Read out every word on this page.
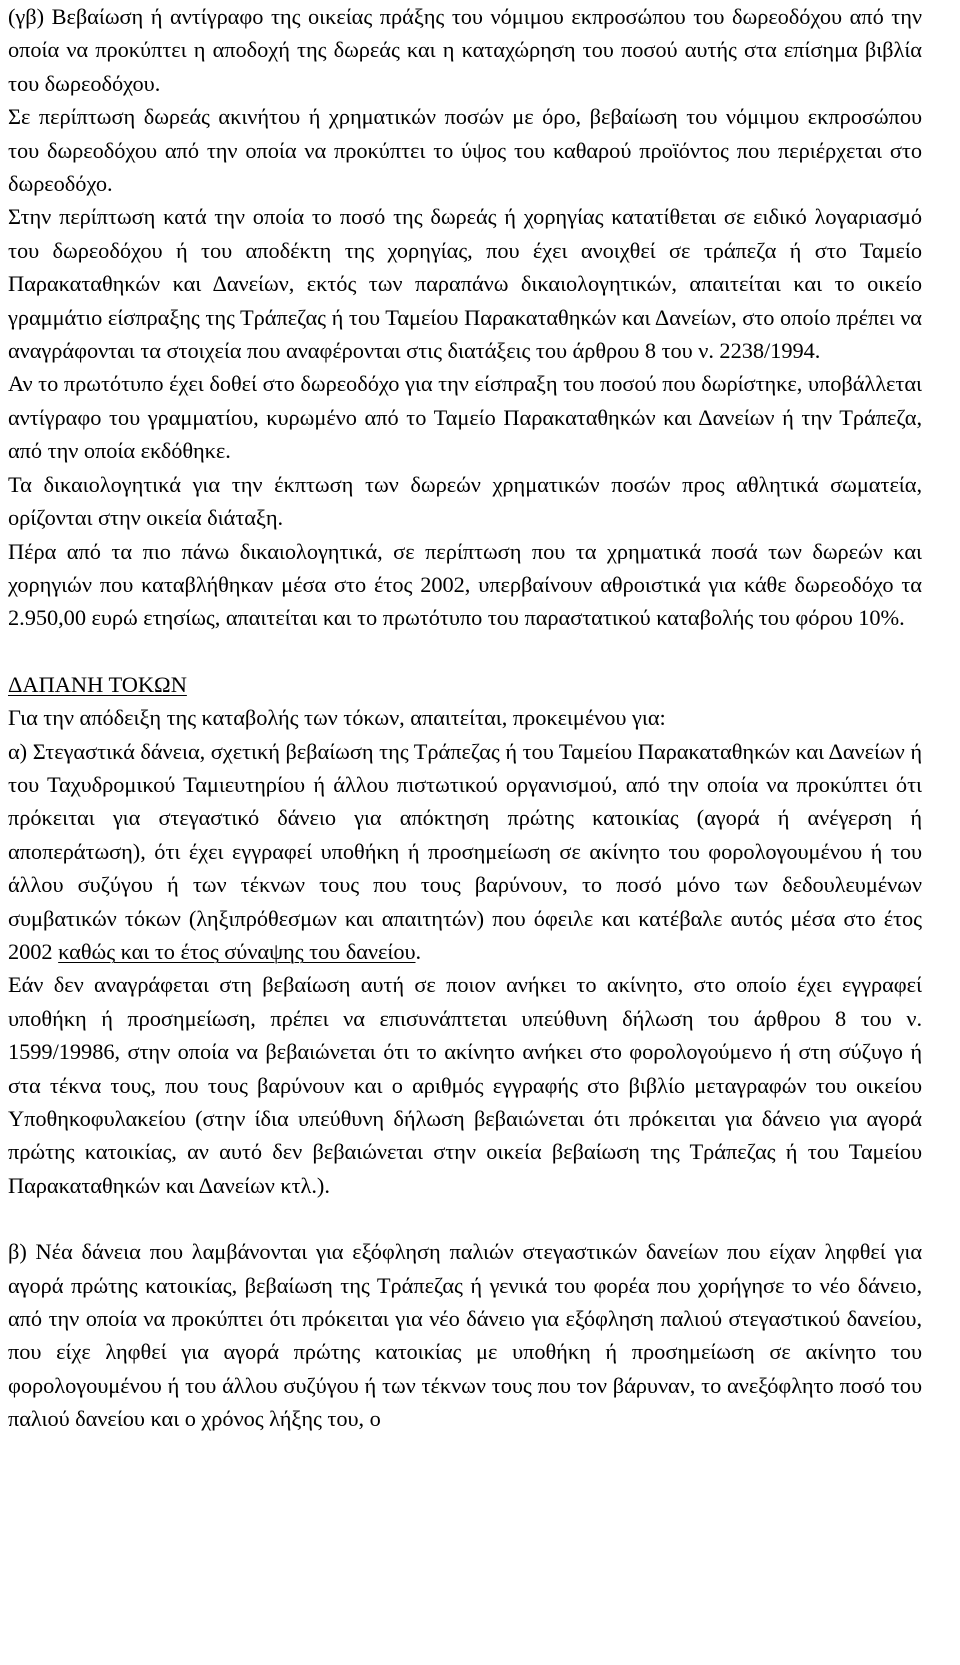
(γβ) Βεβαίωση ή αντίγραφο της οικείας πράξης του νόμιμου εκπροσώπου του δωρεοδόχου από την οποία να προκύπτει η αποδοχή της δωρεάς και η καταχώρηση του ποσού αυτής στα επίσημα βιβλία του δωρεοδόχου.

Σε περίπτωση δωρεάς ακινήτου ή χρηματικών ποσών με όρο, βεβαίωση του νόμιμου εκπροσώπου του δωρεοδόχου από την οποία να προκύπτει το ύψος του καθαρού προϊόντος που περιέρχεται στο δωρεοδόχο.

Στην περίπτωση κατά την οποία το ποσό της δωρεάς ή χορηγίας κατατίθεται σε ειδικό λογαριασμό του δωρεοδόχου ή του αποδέκτη της χορηγίας, που έχει ανοιχθεί σε τράπεζα ή στο Ταμείο Παρακαταθηκών και Δανείων, εκτός των παραπάνω δικαιολογητικών, απαιτείται και το οικείο γραμμάτιο είσπραξης της Τράπεζας ή του Ταμείου Παρακαταθηκών και Δανείων, στο οποίο πρέπει να αναγράφονται τα στοιχεία που αναφέρονται στις διατάξεις του άρθρου 8 του ν. 2238/1994.

Αν το πρωτότυπο έχει δοθεί στο δωρεοδόχο για την είσπραξη του ποσού που δωρίστηκε, υποβάλλεται αντίγραφο του γραμματίου, κυρωμένο από το Ταμείο Παρακαταθηκών και Δανείων ή την Τράπεζα, από την οποία εκδόθηκε.

Τα δικαιολογητικά για την έκπτωση των δωρεών χρηματικών ποσών προς αθλητικά σωματεία, ορίζονται στην οικεία διάταξη.

Πέρα από τα πιο πάνω δικαιολογητικά, σε περίπτωση που τα χρηματικά ποσά των δωρεών και χορηγιών που καταβλήθηκαν μέσα στο έτος 2002, υπερβαίνουν αθροιστικά για κάθε δωρεοδόχο τα 2.950,00 ευρώ ετησίως, απαιτείται και το πρωτότυπο του παραστατικού καταβολής του φόρου 10%.

ΔΑΠΑΝΗ ΤΟΚΩΝ

Για την απόδειξη της καταβολής των τόκων, απαιτείται, προκειμένου για:

α) Στεγαστικά δάνεια, σχετική βεβαίωση της Τράπεζας ή του Ταμείου Παρακαταθηκών και Δανείων ή του Ταχυδρομικού Ταμιευτηρίου ή άλλου πιστωτικού οργανισμού, από την οποία να προκύπτει ότι πρόκειται για στεγαστικό δάνειο για απόκτηση πρώτης κατοικίας (αγορά ή ανέγερση ή αποπεράτωση), ότι έχει εγγραφεί υποθήκη ή προσημείωση σε ακίνητο του φορολογουμένου ή του άλλου συζύγου ή των τέκνων τους που τους βαρύνουν, το ποσό μόνο των δεδουλευμένων συμβατικών τόκων (ληξιπρόθεσμων και απαιτητών) που όφειλε και κατέβαλε αυτός μέσα στο έτος 2002 καθώς και το έτος σύναψης του δανείου.

Εάν δεν αναγράφεται στη βεβαίωση αυτή σε ποιον ανήκει το ακίνητο, στο οποίο έχει εγγραφεί υποθήκη ή προσημείωση, πρέπει να επισυνάπτεται υπεύθυνη δήλωση του άρθρου 8 του ν. 1599/19986, στην οποία να βεβαιώνεται ότι το ακίνητο ανήκει στο φορολογούμενο ή στη σύζυγο ή στα τέκνα τους, που τους βαρύνουν και ο αριθμός εγγραφής στο βιβλίο μεταγραφών του οικείου Υποθηκοφυλακείου (στην ίδια υπεύθυνη δήλωση βεβαιώνεται ότι πρόκειται για δάνειο για αγορά πρώτης κατοικίας, αν αυτό δεν βεβαιώνεται στην οικεία βεβαίωση της Τράπεζας ή του Ταμείου Παρακαταθηκών και Δανείων κτλ.).

β) Νέα δάνεια που λαμβάνονται για εξόφληση παλιών στεγαστικών δανείων που είχαν ληφθεί για αγορά πρώτης κατοικίας, βεβαίωση της Τράπεζας ή γενικά του φορέα που χορήγησε το νέο δάνειο, από την οποία να προκύπτει ότι πρόκειται για νέο δάνειο για εξόφληση παλιού στεγαστικού δανείου, που είχε ληφθεί για αγορά πρώτης κατοικίας με υποθήκη ή προσημείωση σε ακίνητο του φορολογουμένου ή του άλλου συζύγου ή των τέκνων τους που τον βάρυναν, το ανεξόφλητο ποσό του παλιού δανείου και ο χρόνος λήξης του, ο
